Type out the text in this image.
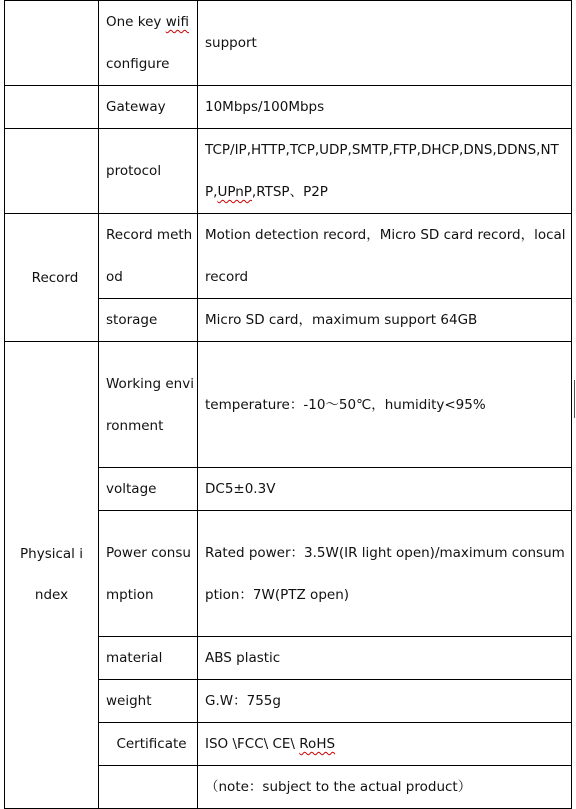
	One key wifi configure	support
	Gateway	10Mbps/100Mbps
	protocol	TCP/IP,HTTP,TCP,UDP,SMTP,FTP,DHCP,DNS,DDNS,NTP,UPnP,RTSP、P2P
Record	Record method	Motion detection record，Micro SD card record，local record
	storage	Micro SD card，maximum support 64GB
Physical index	Working environment	temperature：-10～50℃，humidity<95%
	voltage	DC5±0.3V
	Power consumption	Rated power：3.5W(IR light open)/maximum consumption：7W(PTZ open)
	material	ABS plastic
	weight	G.W：755g
	Certificate	ISO \FCC\ CE\ RoHS
		（note：subject to the actual product）
